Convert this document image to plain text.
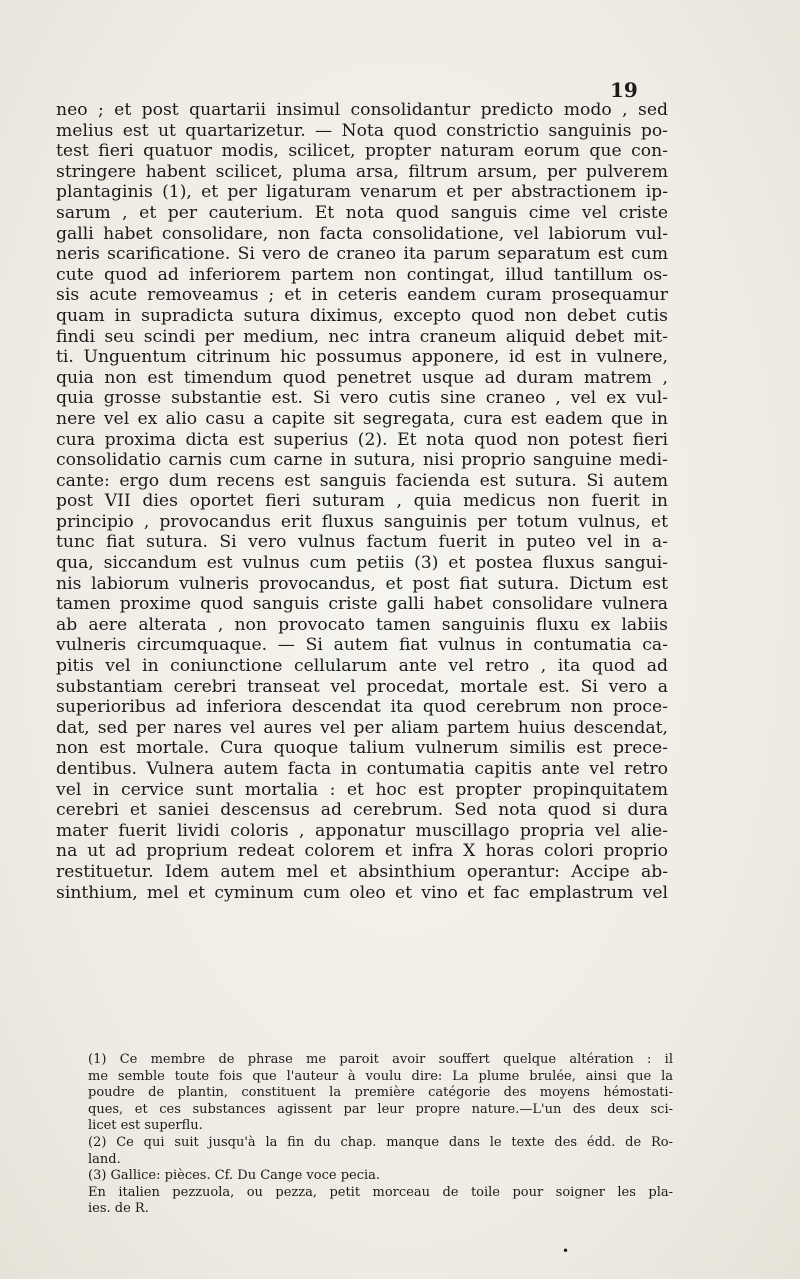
19
neo ; et post quartarii insimul consolidantur predicto modo , sed
melius est ut quartarizetur. — Nota quod constrictio sanguinis po-
test fieri quatuor modis, scilicet, propter naturam eorum que con-
stringere habent scilicet, pluma arsa, filtrum arsum, per pulverem
plantaginis (1), et per ligaturam venarum et per abstractionem ip-
sarum , et per cauterium. Et nota quod sanguis cime vel criste
galli habet consolidare, non facta consolidatione, vel labiorum vul-
neris scarificatione. Si vero de craneo ita parum separatum est cum
cute quod ad inferiorem partem non contingat, illud tantillum os-
sis acute removeamus ; et in ceteris eandem curam prosequamur
quam in supradicta sutura diximus, excepto quod non debet cutis
findi seu scindi per medium, nec intra craneum aliquid debet mit-
ti. Unguentum citrinum hic possumus apponere, id est in vulnere,
quia non est timendum quod penetret usque ad duram matrem ,
quia grosse substantie est. Si vero cutis sine craneo , vel ex vul-
nere vel ex alio casu a capite sit segregata, cura est eadem que in
cura proxima dicta est superius (2). Et nota quod non potest fieri
consolidatio carnis cum carne in sutura, nisi proprio sanguine medi-
cante: ergo dum recens est sanguis facienda est sutura. Si autem
post VII dies oportet fieri suturam , quia medicus non fuerit in
principio , provocandus erit fluxus sanguinis per totum vulnus, et
tunc fiat sutura. Si vero vulnus factum fuerit in puteo vel in a-
qua, siccandum est vulnus cum petiis (3) et postea fluxus sangui-
nis labiorum vulneris provocandus, et post fiat sutura. Dictum est
tamen proxime quod sanguis criste galli habet consolidare vulnera
ab aere alterata , non provocato tamen sanguinis fluxu ex labiis
vulneris circumquaque. — Si autem fiat vulnus in contumatia ca-
pitis vel in coniunctione cellularum ante vel retro , ita quod ad
substantiam cerebri transeat vel procedat, mortale est. Si vero a
superioribus ad inferiora descendat ita quod cerebrum non proce-
dat, sed per nares vel aures vel per aliam partem huius descendat,
non est mortale. Cura quoque talium vulnerum similis est prece-
dentibus. Vulnera autem facta in contumatia capitis ante vel retro
vel in cervice sunt mortalia : et hoc est propter propinquitatem
cerebri et saniei descensus ad cerebrum. Sed nota quod si dura
mater fuerit lividi coloris , apponatur muscillago propria vel alie-
na ut ad proprium redeat colorem et infra X horas colori proprio
restituetur. Idem autem mel et absinthium operantur: Accipe ab-
sinthium, mel et cyminum cum oleo et vino et fac emplastrum vel
(1) Ce membre de phrase me paroit avoir souffert quelque altération : il
me semble toute fois que l'auteur à voulu dire: La plume brulée, ainsi que la
poudre de plantin, constituent la première catégorie des moyens hémostati-
ques, et ces substances agissent par leur propre nature.—L'un des deux sci-
licet est superflu.
(2) Ce qui suit jusqu'à la fin du chap. manque dans le texte des édd. de Ro-
land.
(3) Gallice: pièces. Cf. Du Cange voce pecia.
En italien pezzuola, ou pezza, petit morceau de toile pour soigner les pla-
ies. de R.
•
